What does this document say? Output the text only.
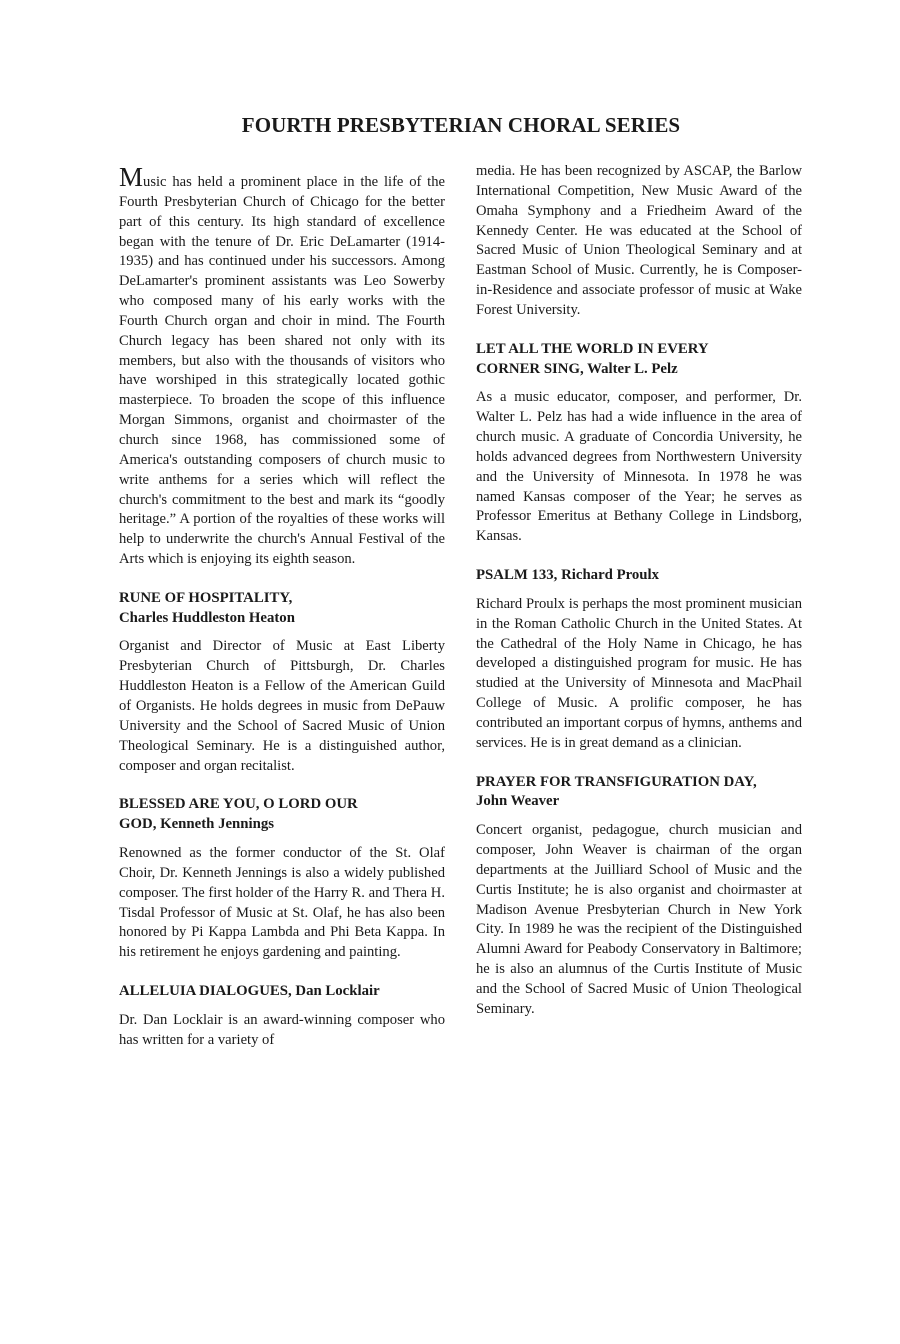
FOURTH PRESBYTERIAN CHORAL SERIES

Music has held a prominent place in the life of the Fourth Presbyterian Church of Chicago for the better part of this century. Its high standard of excellence began with the tenure of Dr. Eric DeLamarter (1914-1935) and has continued under his successors. Among DeLamarter's prominent assistants was Leo Sowerby who composed many of his early works with the Fourth Church organ and choir in mind. The Fourth Church legacy has been shared not only with its members, but also with the thousands of visitors who have worshiped in this strategically located gothic masterpiece. To broaden the scope of this influence Morgan Simmons, organist and choirmaster of the church since 1968, has commissioned some of America's outstanding composers of church music to write anthems for a series which will reflect the church's commitment to the best and mark its “goodly heritage.” A portion of the royalties of these works will help to underwrite the church's Annual Festival of the Arts which is enjoying its eighth season.

RUNE OF HOSPITALITY,
Charles Huddleston Heaton

Organist and Director of Music at East Liberty Presbyterian Church of Pittsburgh, Dr. Charles Huddleston Heaton is a Fellow of the American Guild of Organists. He holds degrees in music from DePauw University and the School of Sacred Music of Union Theological Seminary. He is a distinguished author, composer and organ recitalist.

BLESSED ARE YOU, O LORD OUR
GOD, Kenneth Jennings

Renowned as the former conductor of the St. Olaf Choir, Dr. Kenneth Jennings is also a widely published composer. The first holder of the Harry R. and Thera H. Tisdal Professor of Music at St. Olaf, he has also been honored by Pi Kappa Lambda and Phi Beta Kappa. In his retirement he enjoys gardening and painting.

ALLELUIA DIALOGUES, Dan Locklair

Dr. Dan Locklair is an award-winning composer who has written for a variety of

media. He has been recognized by ASCAP, the Barlow International Competition, New Music Award of the Omaha Symphony and a Friedheim Award of the Kennedy Center. He was educated at the School of Sacred Music of Union Theological Seminary and at Eastman School of Music. Currently, he is Composer-in-Residence and associate professor of music at Wake Forest University.

LET ALL THE WORLD IN EVERY
CORNER SING, Walter L. Pelz

As a music educator, composer, and performer, Dr. Walter L. Pelz has had a wide influence in the area of church music. A graduate of Concordia University, he holds advanced degrees from Northwestern University and the University of Minnesota. In 1978 he was named Kansas composer of the Year; he serves as Professor Emeritus at Bethany College in Lindsborg, Kansas.

PSALM 133, Richard Proulx

Richard Proulx is perhaps the most prominent musician in the Roman Catholic Church in the United States. At the Cathedral of the Holy Name in Chicago, he has developed a distinguished program for music. He has studied at the University of Minnesota and MacPhail College of Music. A prolific composer, he has contributed an important corpus of hymns, anthems and services. He is in great demand as a clinician.

PRAYER FOR TRANSFIGURATION DAY,
John Weaver

Concert organist, pedagogue, church musician and composer, John Weaver is chairman of the organ departments at the Juilliard School of Music and the Curtis Institute; he is also organist and choirmaster at Madison Avenue Presbyterian Church in New York City. In 1989 he was the recipient of the Distinguished Alumni Award for Peabody Conservatory in Baltimore; he is also an alumnus of the Curtis Institute of Music and the School of Sacred Music of Union Theological Seminary.
